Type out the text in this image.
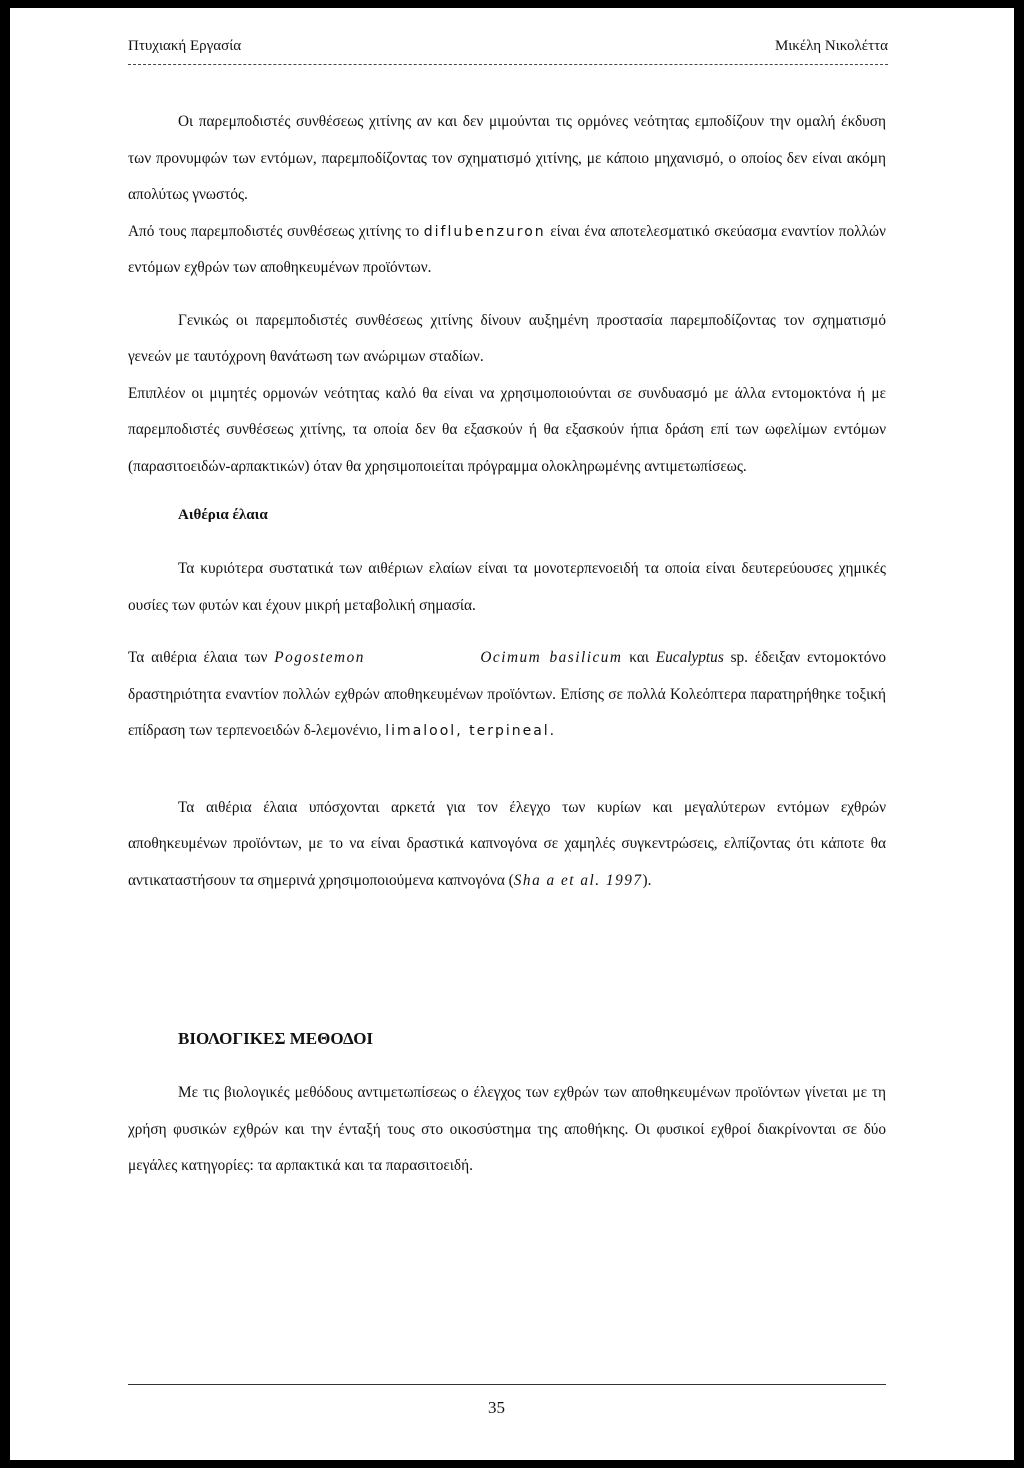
Πτυχιακή Εργασία	Μικέλη Νικολέττα

Οι παρεμποδιστές συνθέσεως χιτίνης αν και δεν μιμούνται τις ορμόνες νεότητας εμποδίζουν την ομαλή έκδυση των προνυμφών των εντόμων, παρεμποδίζοντας τον σχηματισμό χιτίνης, με κάποιο μηχανισμό, ο οποίος δεν είναι ακόμη απολύτως γνωστός.

Από τους παρεμποδιστές συνθέσεως χιτίνης το diflubenzuron είναι ένα αποτελεσματικό σκεύασμα εναντίον πολλών εντόμων εχθρών των αποθηκευμένων προϊόντων.

Γενικώς οι παρεμποδιστές συνθέσεως χιτίνης δίνουν αυξημένη προστασία παρεμποδίζοντας τον σχηματισμό γενεών με ταυτόχρονη θανάτωση των ανώριμων σταδίων.

Επιπλέον οι μιμητές ορμονών νεότητας καλό θα είναι να χρησιμοποιούνται σε συνδυασμό με άλλα εντομοκτόνα ή με παρεμποδιστές συνθέσεως χιτίνης, τα οποία δεν θα εξασκούν ή θα εξασκούν ήπια δράση επί των ωφελίμων εντόμων (παρασιτοειδών-αρπακτικών) όταν θα χρησιμοποιείται πρόγραμμα ολοκληρωμένης αντιμετωπίσεως.

Αιθέρια έλαια

Τα κυριότερα συστατικά των αιθέριων ελαίων είναι τα μονοτερπενοειδή τα οποία είναι δευτερεύουσες χημικές ουσίες των φυτών και έχουν μικρή μεταβολική σημασία.

Τα αιθέρια έλαια των Pogostemon	Ocimum basilicum και Eucalyptus sp. έδειξαν εντομοκτόνο δραστηριότητα εναντίον πολλών εχθρών αποθηκευμένων προϊόντων. Επίσης σε πολλά Κολεόπτερα παρατηρήθηκε τοξική επίδραση των τερπενοειδών δ-λεμονένιο, limalool, terpineal.

Τα αιθέρια έλαια υπόσχονται αρκετά για τον έλεγχο των κυρίων και μεγαλύτερων εντόμων εχθρών αποθηκευμένων προϊόντων, με το να είναι δραστικά καπνογόνα σε χαμηλές συγκεντρώσεις, ελπίζοντας ότι κάποτε θα αντικαταστήσουν τα σημερινά χρησιμοποιούμενα καπνογόνα (Sha a et al. 1997).

ΒΙΟΛΟΓΙΚΕΣ ΜΕΘΟΔΟΙ

Με τις βιολογικές μεθόδους αντιμετωπίσεως ο έλεγχος των εχθρών των αποθηκευμένων προϊόντων γίνεται με τη χρήση φυσικών εχθρών και την ένταξή τους στο οικοσύστημα της αποθήκης. Οι φυσικοί εχθροί διακρίνονται σε δύο μεγάλες κατηγορίες: τα αρπακτικά και τα παρασιτοειδή.

35
